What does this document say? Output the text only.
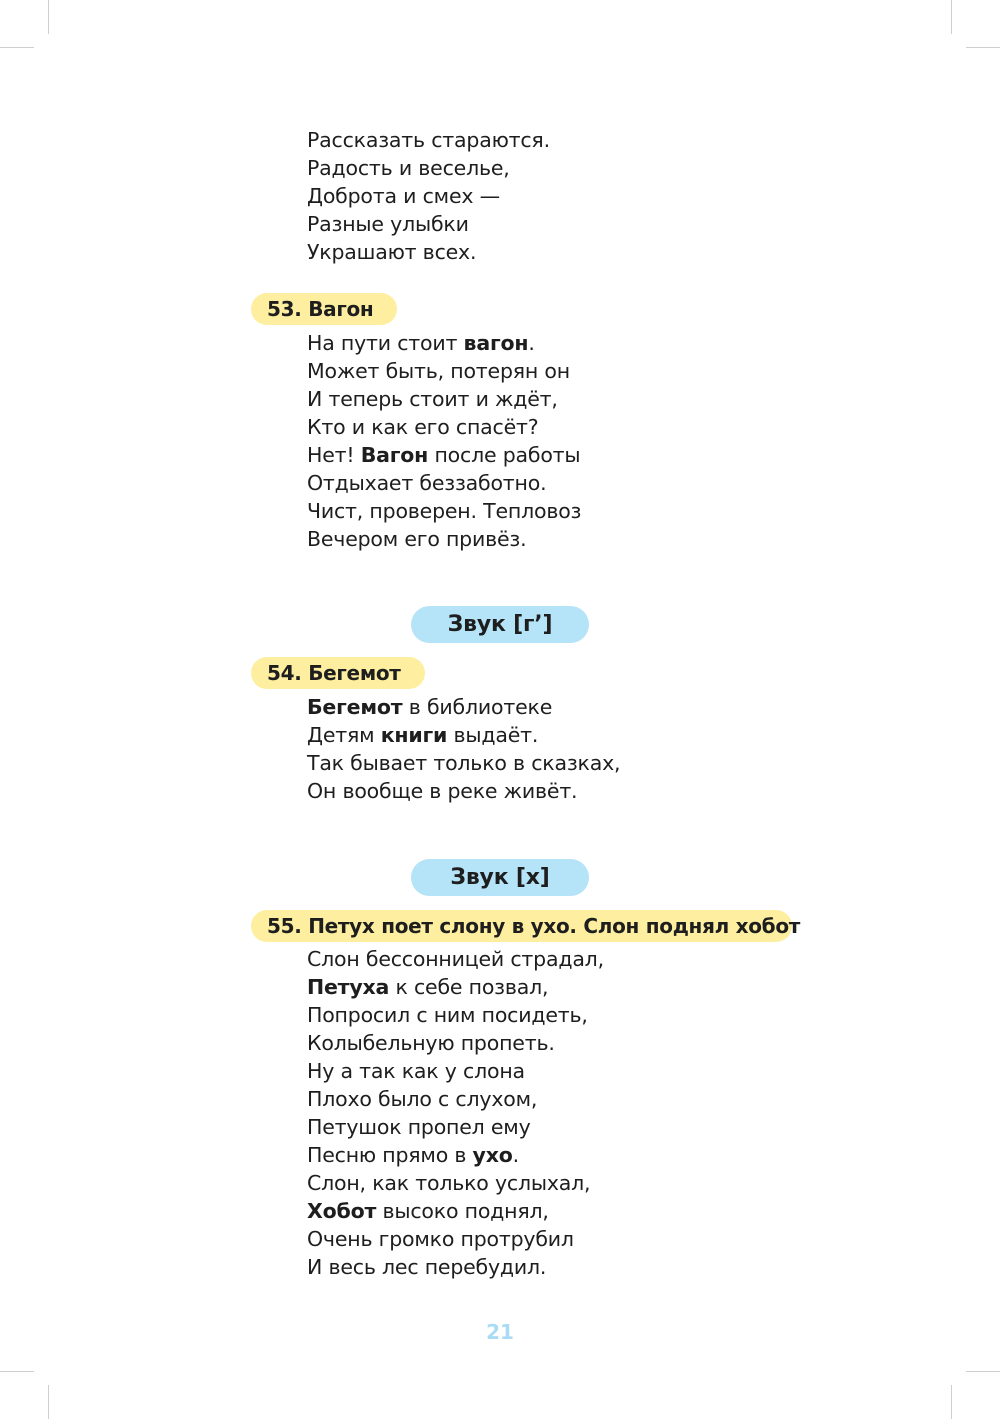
Рассказать стараются.
Радость и веселье,
Доброта и смех —
Разные улыбки
Украшают всех.
53. Вагон
На пути стоит вагон.
Может быть, потерян он
И теперь стоит и ждёт,
Кто и как его спасёт?
Нет! Вагон после работы
Отдыхает беззаботно.
Чист, проверен. Тепловоз
Вечером его привёз.
Звук [г’]
54. Бегемот
Бегемот в библиотеке
Детям книги выдаёт.
Так бывает только в сказках,
Он вообще в реке живёт.
Звук [х]
55. Петух поет слону в ухо. Слон поднял хобот
Слон бессонницей страдал,
Петуха к себе позвал,
Попросил с ним посидеть,
Колыбельную пропеть.
Ну а так как у слона
Плохо было с слухом,
Петушок пропел ему
Песню прямо в ухо.
Слон, как только услыхал,
Хобот высоко поднял,
Очень громко протрубил
И весь лес перебудил.
21
